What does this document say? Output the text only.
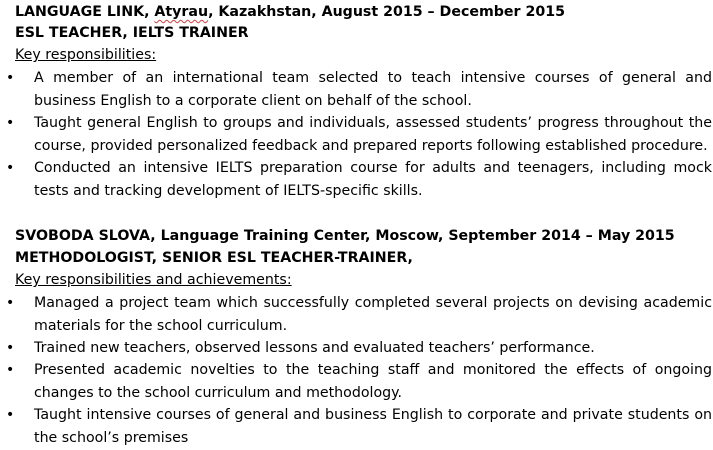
LANGUAGE LINK, Atyrau, Kazakhstan, August 2015 – December 2015
ESL TEACHER, IELTS TRAINER
Key responsibilities:
• A member of an international team selected to teach intensive courses of general and business English to a corporate client on behalf of the school.
• Taught general English to groups and individuals, assessed students’ progress throughout the course, provided personalized feedback and prepared reports following established procedure.
• Conducted an intensive IELTS preparation course for adults and teenagers, including mock tests and tracking development of IELTS-specific skills.
SVOBODA SLOVA, Language Training Center, Moscow, September 2014 – May 2015
METHODOLOGIST, SENIOR ESL TEACHER-TRAINER,
Key responsibilities and achievements:
• Managed a project team which successfully completed several projects on devising academic materials for the school curriculum.
• Trained new teachers, observed lessons and evaluated teachers’ performance.
• Presented academic novelties to the teaching staff and monitored the effects of ongoing changes to the school curriculum and methodology.
• Taught intensive courses of general and business English to corporate and private students on the school’s premises
